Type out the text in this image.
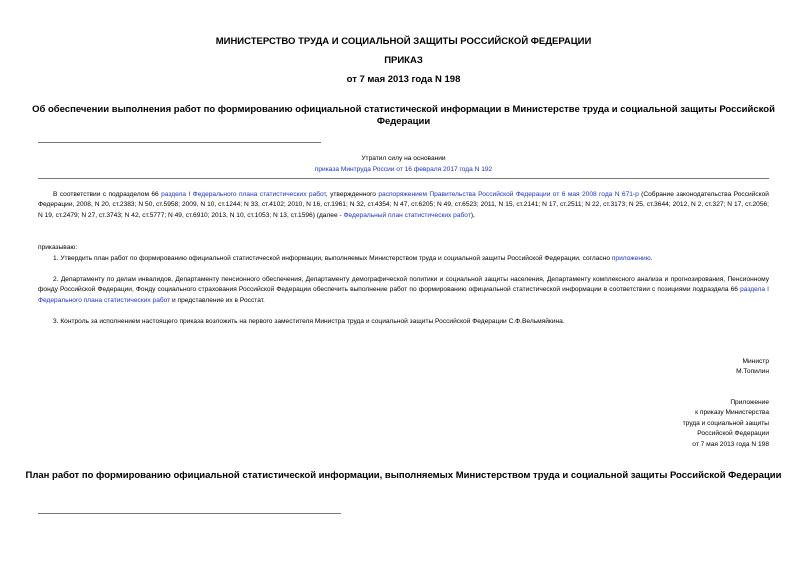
МИНИСТЕРСТВО ТРУДА И СОЦИАЛЬНОЙ ЗАЩИТЫ РОССИЙСКОЙ ФЕДЕРАЦИИ
ПРИКАЗ
от 7 мая 2013 года N 198
Об обеспечении выполнения работ по формированию официальной статистической информации в Министерстве труда и социальной защиты Российской
Федерации
Утратил силу на основании
приказа Минтруда России от 16 февраля 2017 года N 192
В соответствии с подразделом 66 раздела I Федерального плана статистических работ, утвержденного распоряжением Правительства Российской Федерации от 6 мая 2008 года N 671-р (Собрание законодательства Российской Федерации, 2008, N 20, ст.2383; N 50, ст.5958; 2009, N 10, ст.1244; N 33, ст.4102; 2010, N 16, ст.1961; N 32, ст.4354; N 47, ст.6205; N 49, ст.6523; 2011, N 15, ст.2141; N 17, ст.2511; N 22, ст.3173; N 25, ст.3644; 2012, N 2, ст.327; N 17, ст.2056; N 19, ст.2479; N 27, ст.3743; N 42, ст.5777; N 49, ст.6910; 2013, N 10, ст.1053; N 13, ст.1596) (далее - Федеральный план статистических работ),
приказываю:
1. Утвердить план работ по формированию официальной статистической информации, выполняемых Министерством труда и социальной защиты Российской Федерации, согласно приложению.
2. Департаменту по делам инвалидов, Департаменту пенсионного обеспечения, Департаменту демографической политики и социальной защиты населения, Департаменту комплексного анализа и прогнозирования, Пенсионному фонду Российской Федерации, Фонду социального страхования Российской Федерации обеспечить выполнение работ по формированию официальной статистической информации в соответствии с позициями подраздела 66 раздела I Федерального плана статистических работ и представление их в Росстат.
3. Контроль за исполнением настоящего приказа возложить на первого заместителя Министра труда и социальной защиты Российской Федерации С.Ф.Вельмяйкина.
Министр
М.Топилин
Приложение
к приказу Министерства
труда и социальной защиты
Российской Федерации
от 7 мая 2013 года N 198
План работ по формированию официальной статистической информации, выполняемых Министерством труда и социальной защиты Российской Федерации
